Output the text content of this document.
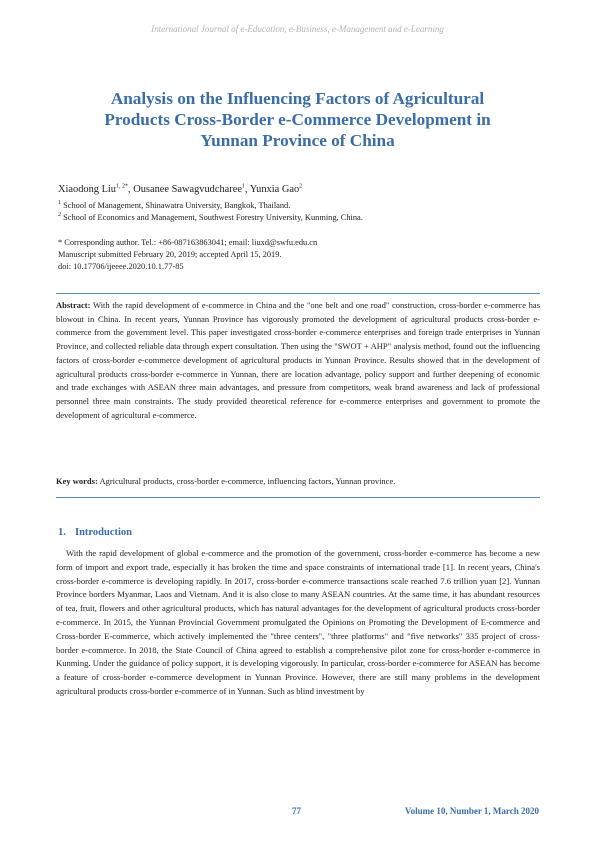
International Journal of e-Education, e-Business, e-Management and e-Learning
Analysis on the Influencing Factors of Agricultural
Products Cross-Border e-Commerce Development in
Yunnan Province of China
Xiaodong Liu$^{1, 2*}$, Ousanee Sawagvudcharee$^1$, Yunxia Gao$^2$
$^1$ School of Management, Shinawatra University, Bangkok, Thailand.
$^2$ School of Economics and Management, Southwest Forestry University, Kunming, China.
* Corresponding author. Tel.: +86-087163863041; email: liuxd@swfu.edu.cn
Manuscript submitted February 20, 2019; accepted April 15, 2019.
doi: 10.17706/ijeeee.2020.10.1.77-85
Abstract: With the rapid development of e-commerce in China and the "one belt and one road" construction, cross-border e-commerce has blowout in China. In recent years, Yunnan Province has vigorously promoted the development of agricultural products cross-border e-commerce from the government level. This paper investigated cross-border e-commerce enterprises and foreign trade enterprises in Yunnan Province, and collected reliable data through expert consultation. Then using the "SWOT + AHP" analysis method, found out the influencing factors of cross-border e-commerce development of agricultural products in Yunnan Province. Results showed that in the development of agricultural products cross-border e-commerce in Yunnan, there are location advantage, policy support and further deepening of economic and trade exchanges with ASEAN three main advantages, and pressure from competitors, weak brand awareness and lack of professional personnel three main constraints. The study provided theoretical reference for e-commerce enterprises and government to promote the development of agricultural e-commerce.
Key words: Agricultural products, cross-border e-commerce, influencing factors, Yunnan province.
1. Introduction
With the rapid development of global e-commerce and the promotion of the government, cross-border e-commerce has become a new form of import and export trade, especially it has broken the time and space constraints of international trade [1]. In recent years, China's cross-border e-commerce is developing rapidly. In 2017, cross-border e-commerce transactions scale reached 7.6 trillion yuan [2]. Yunnan Province borders Myanmar, Laos and Vietnam. And it is also close to many ASEAN countries. At the same time, it has abundant resources of tea, fruit, flowers and other agricultural products, which has natural advantages for the development of agricultural products cross-border e-commerce. In 2015, the Yunnan Provincial Government promulgated the Opinions on Promoting the Development of E-commerce and Cross-border E-commerce, which actively implemented the "three centers", "three platforms" and "five networks" 335 project of cross-border e-commerce. In 2018, the State Council of China agreed to establish a comprehensive pilot zone for cross-border e-commerce in Kunming. Under the guidance of policy support, it is developing vigorously. In particular, cross-border e-commerce for ASEAN has become a feature of cross-border e-commerce development in Yunnan Province. However, there are still many problems in the development agricultural products cross-border e-commerce of in Yunnan. Such as blind investment by
77	Volume 10, Number 1, March 2020
